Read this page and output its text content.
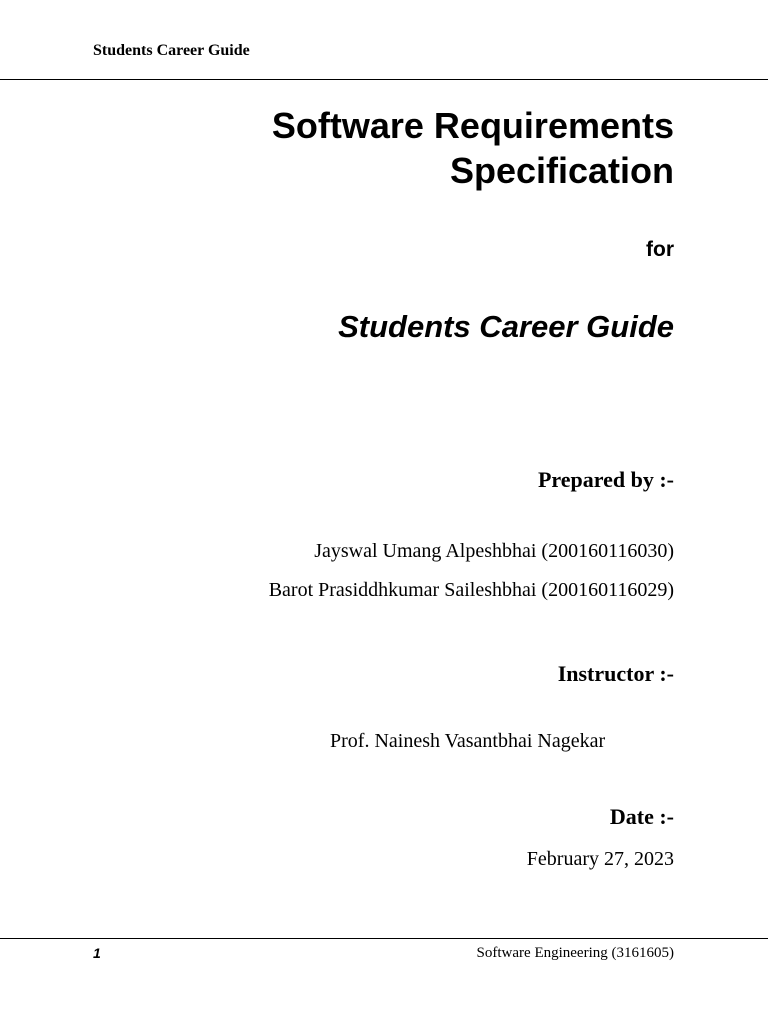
Students Career Guide
Software Requirements
Specification
for
Students Career Guide
Prepared by :-
Jayswal Umang Alpeshbhai (200160116030)
Barot Prasiddhkumar Saileshbhai (200160116029)
Instructor :-
Prof. Nainesh Vasantbhai Nagekar
Date :-
February 27, 2023
1	Software Engineering (3161605)
